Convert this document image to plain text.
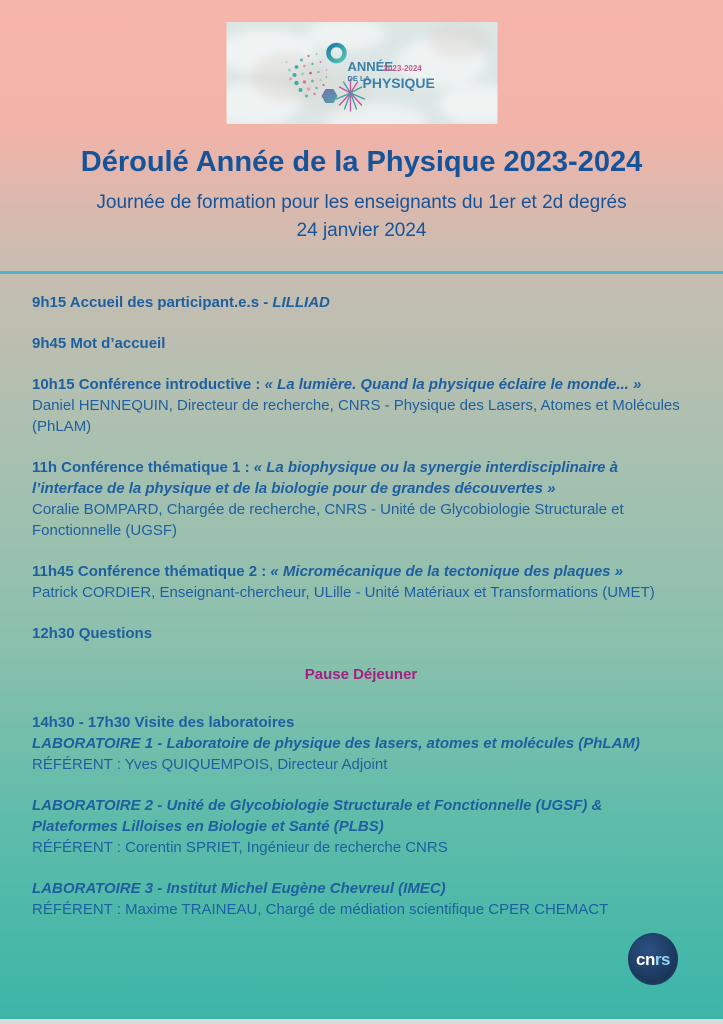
ANNÉE
2023-2024
DE LA
PHYSIQUE
Déroulé Année de la Physique 2023-2024

Journée de formation pour les enseignants du 1er et 2d degrés
24 janvier 2024

9h15 Accueil des participant.e.s - LILLIAD

9h45 Mot d’accueil

10h15 Conférence introductive : « La lumière. Quand la physique éclaire le monde... »
Daniel HENNEQUIN, Directeur de recherche, CNRS - Physique des Lasers, Atomes et Molécules (PhLAM)

11h Conférence thématique 1 : « La biophysique ou la synergie interdisciplinaire à l’interface de la physique et de la biologie pour de grandes découvertes »
Coralie BOMPARD, Chargée de recherche, CNRS - Unité de Glycobiologie Structurale et Fonctionnelle (UGSF)

11h45 Conférence thématique 2 : « Micromécanique de la tectonique des plaques »
Patrick CORDIER, Enseignant-chercheur, ULille - Unité Matériaux et Transformations (UMET)

12h30 Questions

Pause Déjeuner

14h30 - 17h30 Visite des laboratoires
LABORATOIRE 1 - Laboratoire de physique des lasers, atomes et molécules (PhLAM)
RÉFÉRENT : Yves QUIQUEMPOIS, Directeur Adjoint

LABORATOIRE 2 - Unité de Glycobiologie Structurale et Fonctionnelle (UGSF) & Plateformes Lilloises en Biologie et Santé (PLBS)
RÉFÉRENT : Corentin SPRIET, Ingénieur de recherche CNRS

LABORATOIRE 3 - Institut Michel Eugène Chevreul (IMEC)
RÉFÉRENT : Maxime TRAINEAU, Chargé de médiation scientifique CPER CHEMACT

cnrs
